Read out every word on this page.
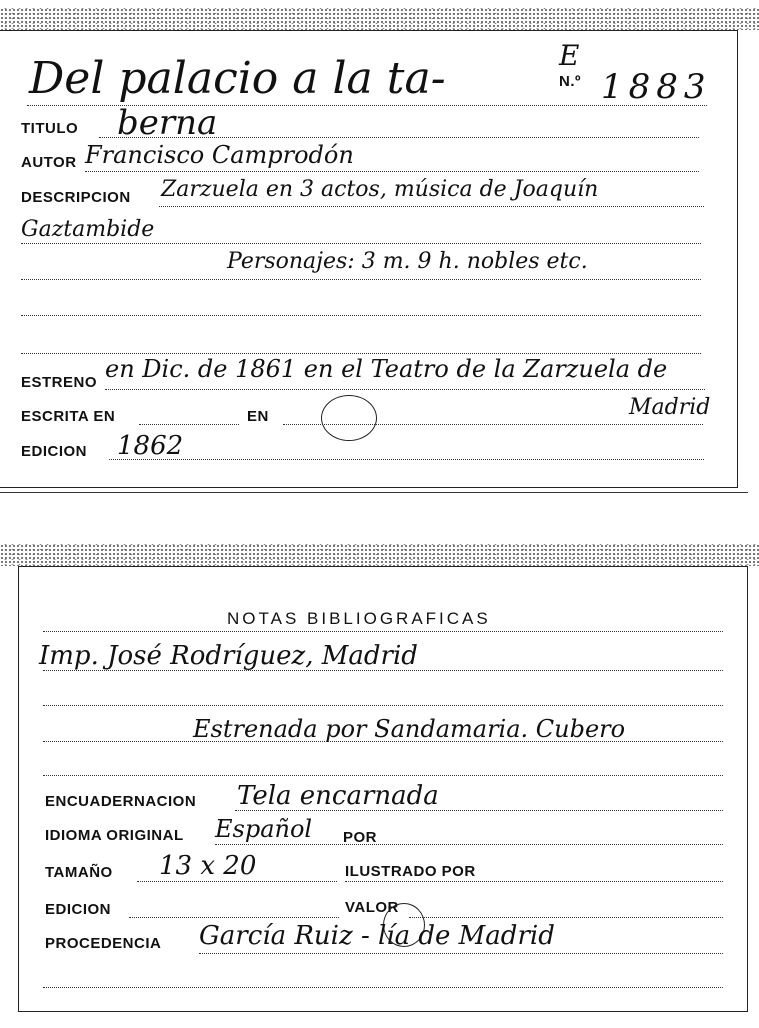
Del palacio a la ta-	E
N.º 1883
TITULO berna
AUTOR Francisco Camprodón
DESCRIPCION Zarzuela en 3 actos, música de Joaquín
Gaztambide
Personajes: 3 m. 9 h. nobles etc.
ESTRENO en Dic. de 1861 en el Teatro de la Zarzuela de
ESCRITA EN	EN	Madrid
EDICION 1862
NOTAS BIBLIOGRAFICAS
Imp. José Rodríguez, Madrid
Estrenada por Sandamaria. Cubero
ENCUADERNACION Tela encarnada
IDIOMA ORIGINAL Español POR
TAMAÑO 13 x 20	ILUSTRADO POR
EDICION	VALOR
PROCEDENCIA García Ruiz - lía de Madrid
